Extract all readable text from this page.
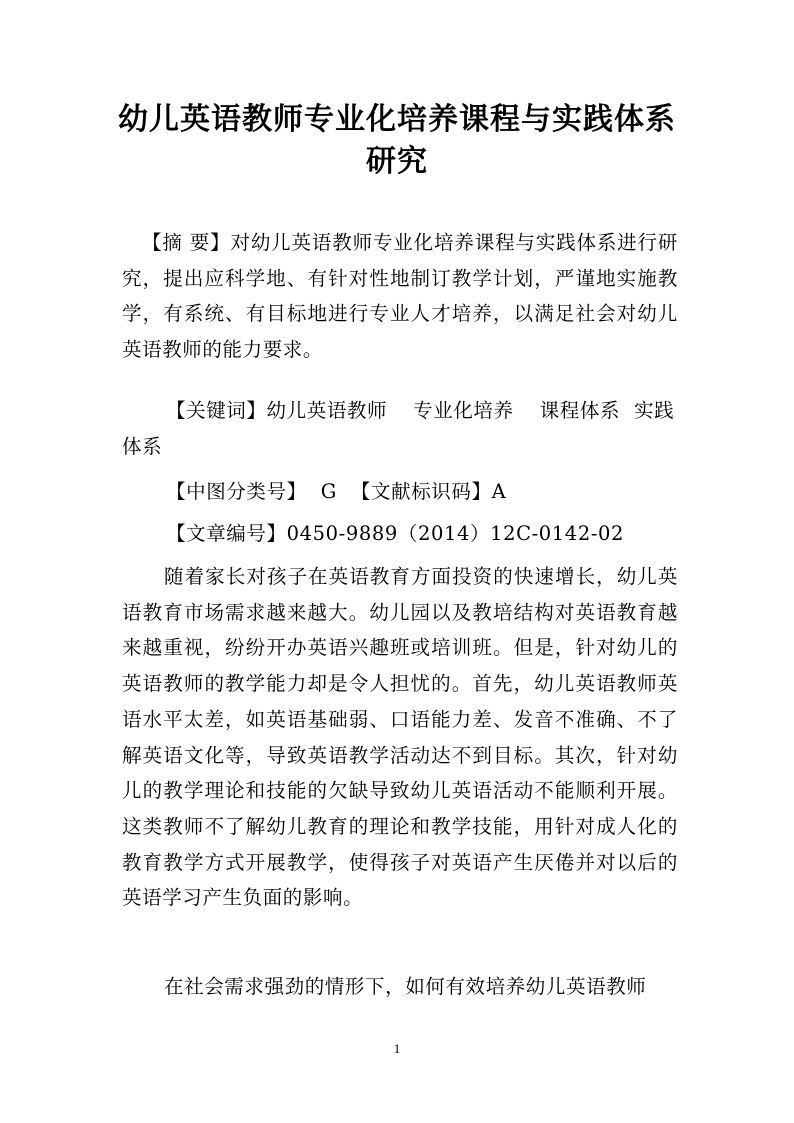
幼儿英语教师专业化培养课程与实践体系
研究

【摘 要】对幼儿英语教师专业化培养课程与实践体系进行研究，提出应科学地、有针对性地制订教学计划，严谨地实施教学，有系统、有目标地进行专业人才培养，以满足社会对幼儿英语教师的能力要求。

【关键词】幼儿英语教师 专业化培养 课程体系 实践体系

【中图分类号】 G 【文献标识码】A

【文章编号】0450-9889（2014）12C-0142-02

随着家长对孩子在英语教育方面投资的快速增长，幼儿英语教育市场需求越来越大。幼儿园以及教培结构对英语教育越来越重视，纷纷开办英语兴趣班或培训班。但是，针对幼儿的英语教师的教学能力却是令人担忧的。首先，幼儿英语教师英语水平太差，如英语基础弱、口语能力差、发音不准确、不了解英语文化等，导致英语教学活动达不到目标。其次，针对幼儿的教学理论和技能的欠缺导致幼儿英语活动不能顺利开展。这类教师不了解幼儿教育的理论和教学技能，用针对成人化的教育教学方式开展教学，使得孩子对英语产生厌倦并对以后的英语学习产生负面的影响。

在社会需求强劲的情形下，如何有效培养幼儿英语教师

1
